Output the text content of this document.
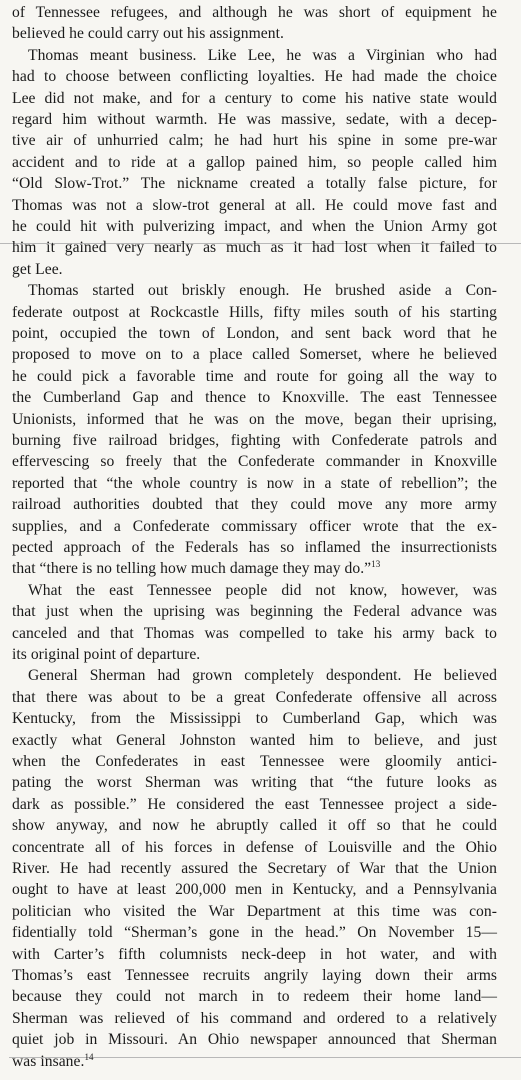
of Tennessee refugees, and although he was short of equipment he
believed he could carry out his assignment.
Thomas meant business. Like Lee, he was a Virginian who had
had to choose between conflicting loyalties. He had made the choice
Lee did not make, and for a century to come his native state would
regard him without warmth. He was massive, sedate, with a decep-
tive air of unhurried calm; he had hurt his spine in some pre-war
accident and to ride at a gallop pained him, so people called him
“Old Slow-Trot.” The nickname created a totally false picture, for
Thomas was not a slow-trot general at all. He could move fast and
he could hit with pulverizing impact, and when the Union Army got
him it gained very nearly as much as it had lost when it failed to
get Lee.
Thomas started out briskly enough. He brushed aside a Con-
federate outpost at Rockcastle Hills, fifty miles south of his starting
point, occupied the town of London, and sent back word that he
proposed to move on to a place called Somerset, where he believed
he could pick a favorable time and route for going all the way to
the Cumberland Gap and thence to Knoxville. The east Tennessee
Unionists, informed that he was on the move, began their uprising,
burning five railroad bridges, fighting with Confederate patrols and
effervescing so freely that the Confederate commander in Knoxville
reported that “the whole country is now in a state of rebellion”; the
railroad authorities doubted that they could move any more army
supplies, and a Confederate commissary officer wrote that the ex-
pected approach of the Federals has so inflamed the insurrectionists
that “there is no telling how much damage they may do.”$^{13}$
What the east Tennessee people did not know, however, was
that just when the uprising was beginning the Federal advance was
canceled and that Thomas was compelled to take his army back to
its original point of departure.
General Sherman had grown completely despondent. He believed
that there was about to be a great Confederate offensive all across
Kentucky, from the Mississippi to Cumberland Gap, which was
exactly what General Johnston wanted him to believe, and just
when the Confederates in east Tennessee were gloomily antici-
pating the worst Sherman was writing that “the future looks as
dark as possible.” He considered the east Tennessee project a side-
show anyway, and now he abruptly called it off so that he could
concentrate all of his forces in defense of Louisville and the Ohio
River. He had recently assured the Secretary of War that the Union
ought to have at least 200,000 men in Kentucky, and a Pennsylvania
politician who visited the War Department at this time was con-
fidentially told “Sherman’s gone in the head.” On November 15—
with Carter’s fifth columnists neck-deep in hot water, and with
Thomas’s east Tennessee recruits angrily laying down their arms
because they could not march in to redeem their home land—
Sherman was relieved of his command and ordered to a relatively
quiet job in Missouri. An Ohio newspaper announced that Sherman
was insane.$^{14}$
